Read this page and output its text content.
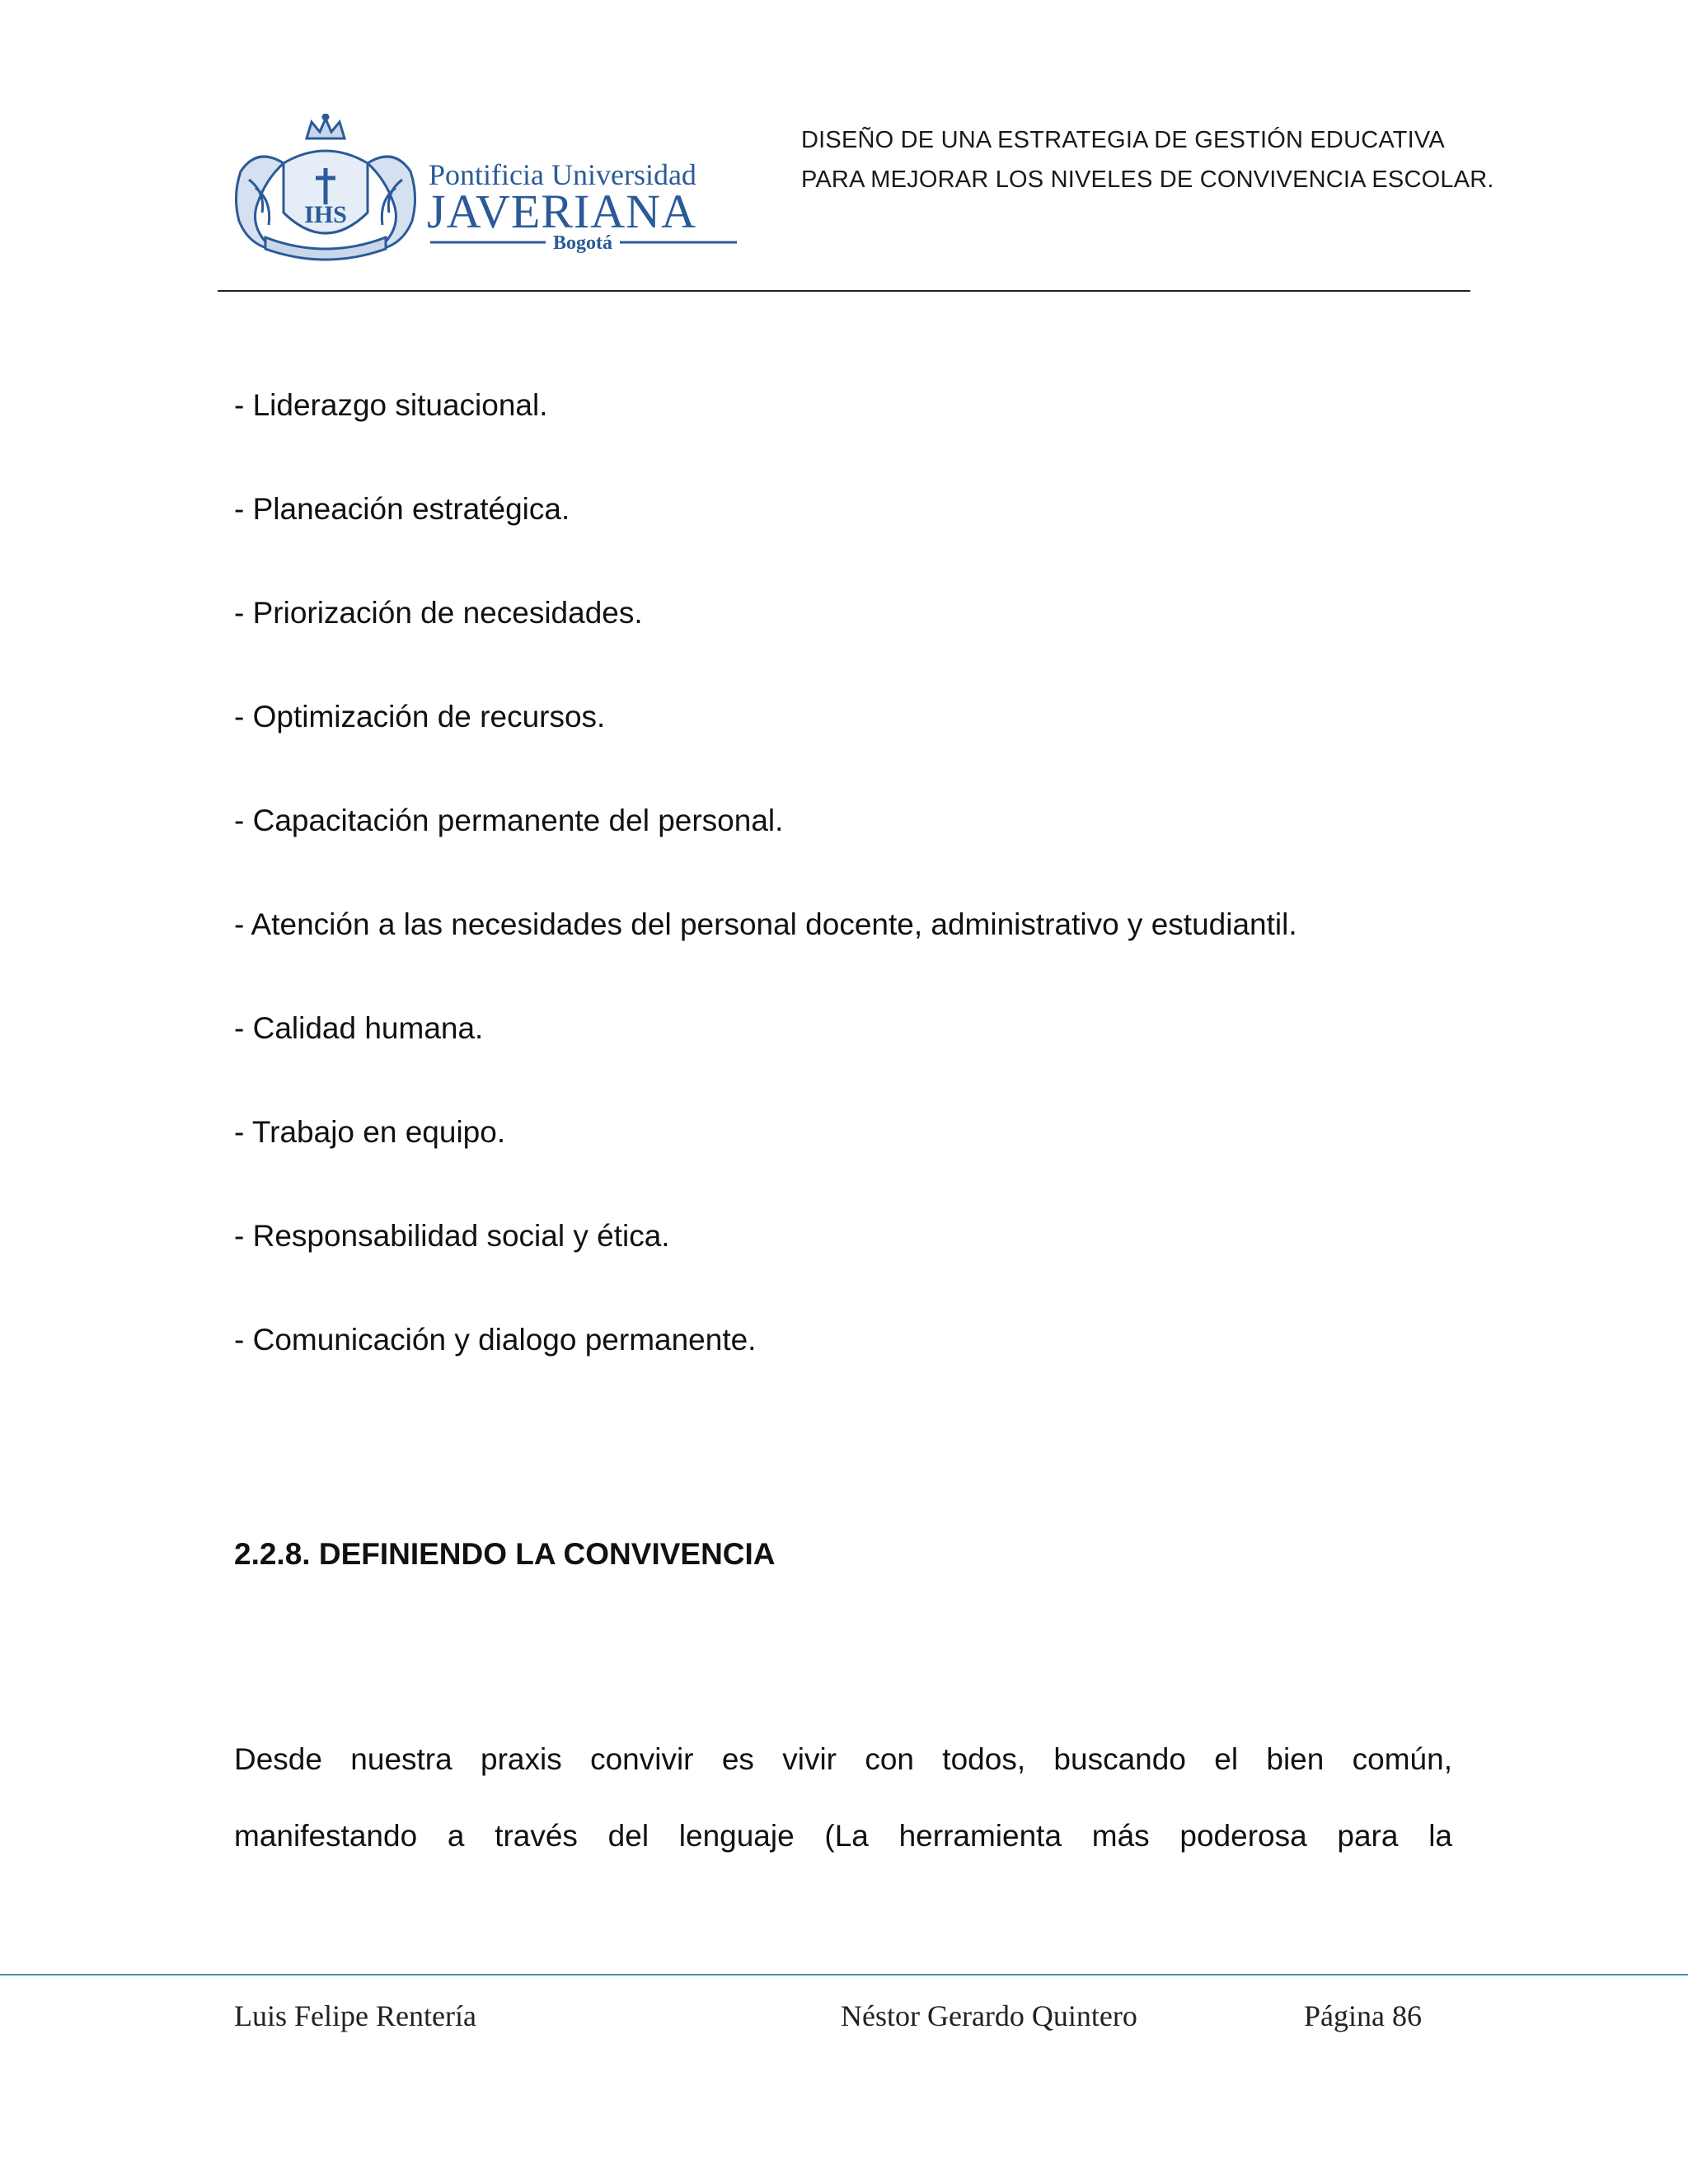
IHS
Pontificia Universidad
JAVERIANA
Bogotá
DISEÑO DE UNA ESTRATEGIA DE GESTIÓN EDUCATIVA
PARA MEJORAR LOS NIVELES DE CONVIVENCIA ESCOLAR.
- Liderazgo situacional.
- Planeación estratégica.
- Priorización de necesidades.
- Optimización de recursos.
- Capacitación permanente del personal.
- Atención a las necesidades del personal docente, administrativo y estudiantil.
- Calidad humana.
- Trabajo en equipo.
- Responsabilidad social y ética.
- Comunicación y dialogo permanente.
2.2.8. DEFINIENDO LA CONVIVENCIA
Desde nuestra praxis convivir es vivir con todos, buscando el bien común,
manifestando a través del lenguaje (La herramienta más poderosa para la
Luis Felipe Rentería	Néstor Gerardo Quintero	Página 86
